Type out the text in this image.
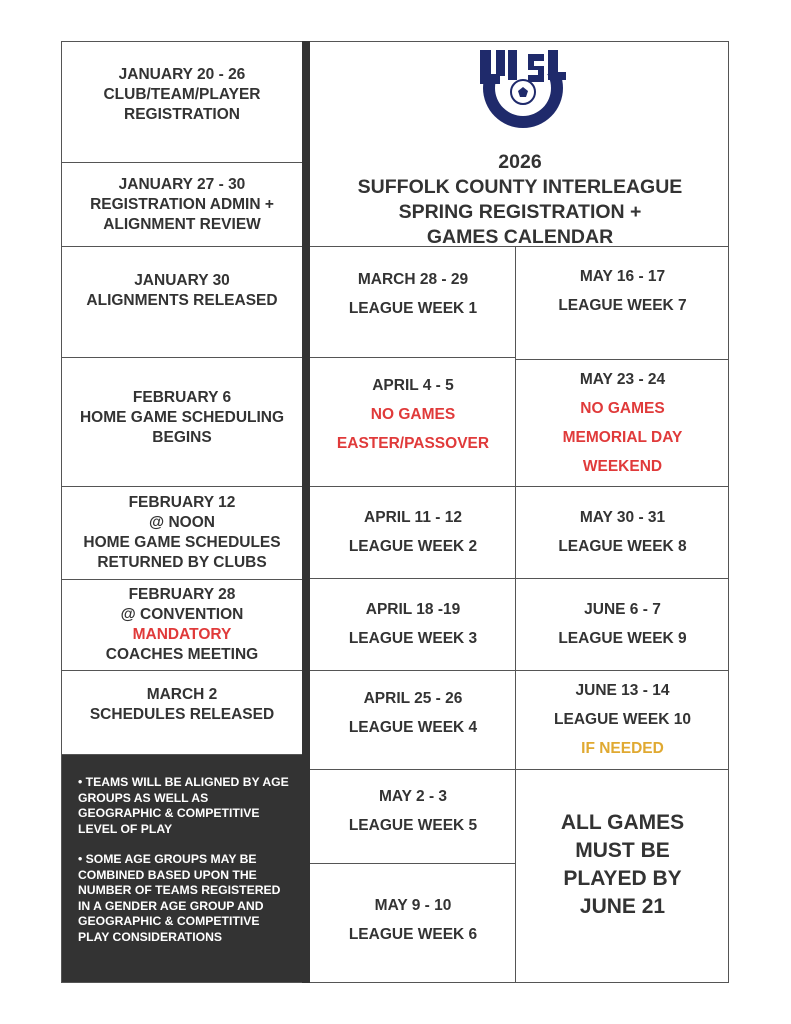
JANUARY 20 - 26
CLUB/TEAM/PLAYER
REGISTRATION
JANUARY 27 - 30
REGISTRATION ADMIN +
ALIGNMENT REVIEW
JANUARY 30
ALIGNMENTS RELEASED
FEBRUARY 6
HOME GAME SCHEDULING
BEGINS
FEBRUARY 12
@ NOON
HOME GAME SCHEDULES
RETURNED BY CLUBS
FEBRUARY 28
@ CONVENTION
MANDATORY
COACHES MEETING
MARCH 2
SCHEDULES RELEASED

• TEAMS WILL BE ALIGNED BY AGE GROUPS AS WELL AS GEOGRAPHIC & COMPETITIVE LEVEL OF PLAY

• SOME AGE GROUPS MAY BE COMBINED BASED UPON THE NUMBER OF TEAMS REGISTERED IN A GENDER AGE GROUP AND GEOGRAPHIC & COMPETITIVE PLAY CONSIDERATIONS

2026
SUFFOLK COUNTY INTERLEAGUE
SPRING REGISTRATION +
GAMES CALENDAR
MARCH 28 - 29
LEAGUE WEEK 1
APRIL 4 - 5
NO GAMES
EASTER/PASSOVER
APRIL 11 - 12
LEAGUE WEEK 2
APRIL 18 -19
LEAGUE WEEK 3
APRIL 25 - 26
LEAGUE WEEK 4
MAY 2 - 3
LEAGUE WEEK 5
MAY 9 - 10
LEAGUE WEEK 6
MAY 16 - 17
LEAGUE WEEK 7
MAY 23 - 24
NO GAMES
MEMORIAL DAY
WEEKEND
MAY 30 - 31
LEAGUE WEEK 8
JUNE 6 - 7
LEAGUE WEEK 9
JUNE 13 - 14
LEAGUE WEEK 10
IF NEEDED
ALL GAMES
MUST BE
PLAYED BY
JUNE 21
